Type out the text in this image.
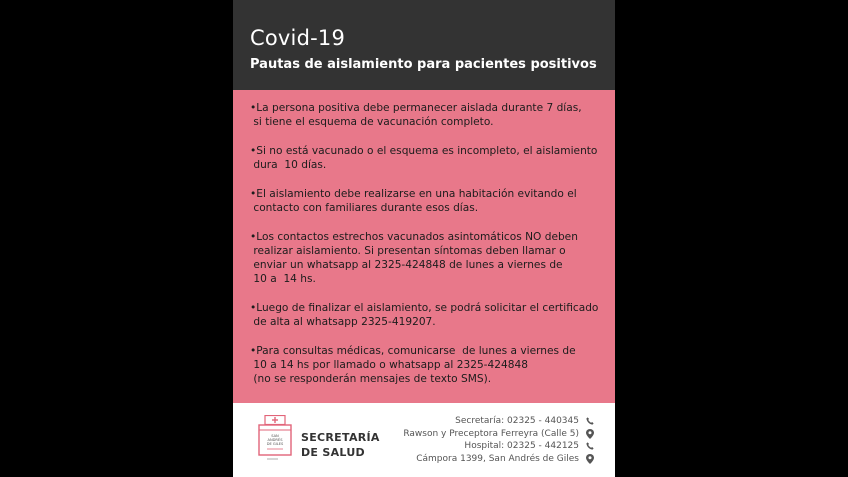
Covid-19
Pautas de aislamiento para pacientes positivos
•La persona positiva debe permanecer aislada durante 7 días,
si tiene el esquema de vacunación completo.
•Si no está vacunado o el esquema es incompleto, el aislamiento
dura  10 días.
•El aislamiento debe realizarse en una habitación evitando el
contacto con familiares durante esos días.
•Los contactos estrechos vacunados asintomáticos NO deben
realizar aislamiento. Si presentan síntomas deben llamar o
enviar un whatsapp al 2325-424848 de lunes a viernes de
10 a  14 hs.
•Luego de finalizar el aislamiento, se podrá solicitar el certificado
de alta al whatsapp 2325-419207.
•Para consultas médicas, comunicarse  de lunes a viernes de
10 a 14 hs por llamado o whatsapp al 2325-424848
(no se responderán mensajes de texto SMS).
SAN
ANDRÉS
DE GILES SECRETARÍA
DE SALUD
Secretaría: 02325 - 440345
Rawson y Preceptora Ferreyra (Calle 5)
Hospital: 02325 - 442125
Cámpora 1399, San Andrés de Giles
